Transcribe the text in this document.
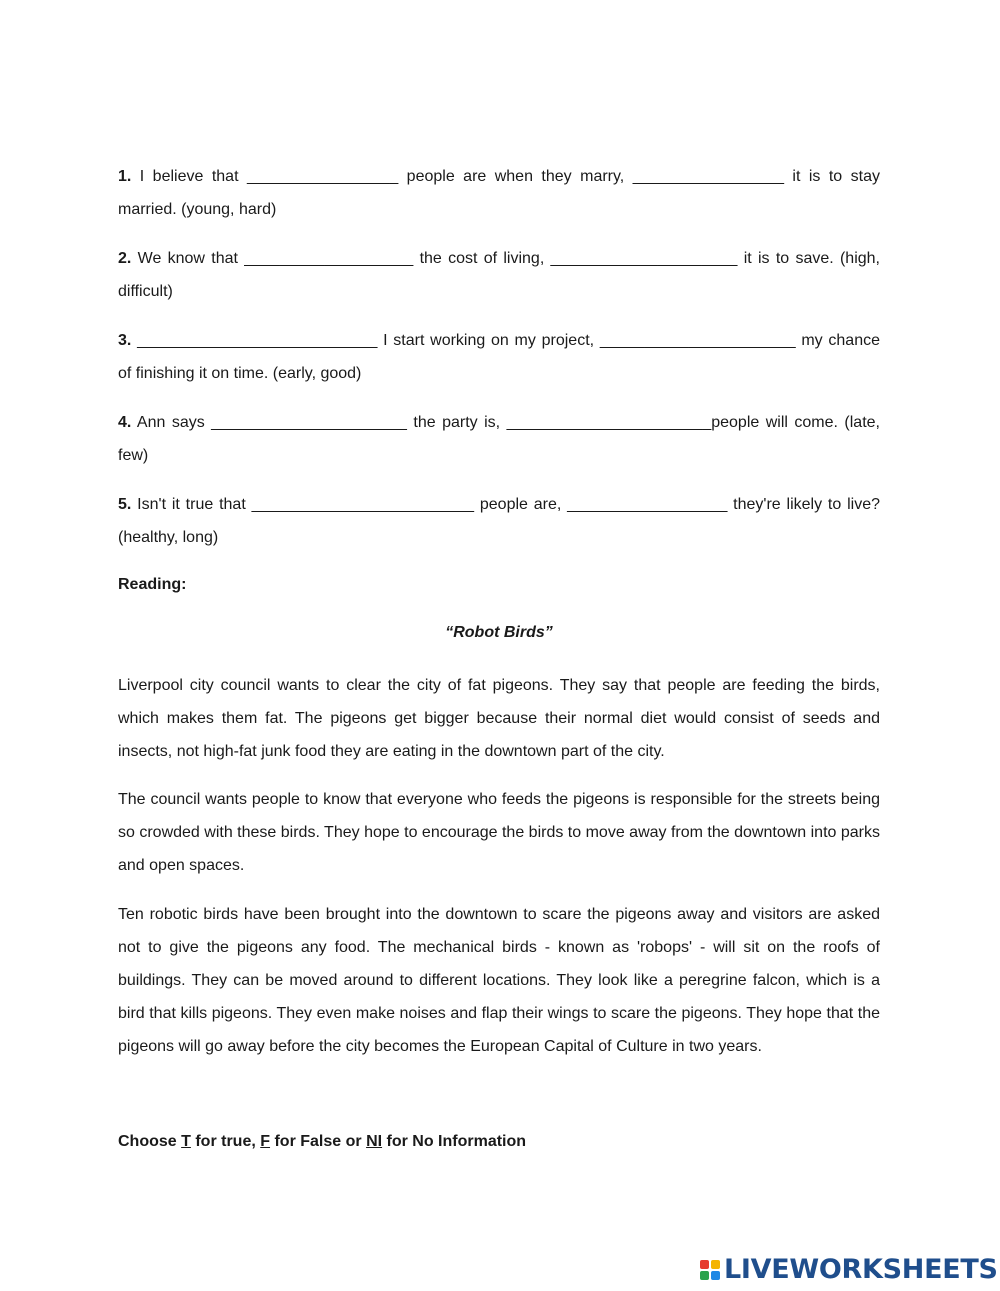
1. I believe that _________________ people are when they marry, _________________ it is to stay married. (young, hard)

2. We know that ___________________ the cost of living, _____________________ it is to save. (high, difficult)

3. ___________________________ I start working on my project, ______________________ my chance of finishing it on time. (early, good)

4. Ann says ______________________ the party is, _______________________people will come. (late, few)

5. Isn't it true that _________________________ people are, __________________ they're likely to live? (healthy, long)

Reading:

“Robot Birds”

Liverpool city council wants to clear the city of fat pigeons. They say that people are feeding the birds, which makes them fat. The pigeons get bigger because their normal diet would consist of seeds and insects, not high-fat junk food they are eating in the downtown part of the city.

The council wants people to know that everyone who feeds the pigeons is responsible for the streets being so crowded with these birds. They hope to encourage the birds to move away from the downtown into parks and open spaces.

Ten robotic birds have been brought into the downtown to scare the pigeons away and visitors are asked not to give the pigeons any food. The mechanical birds - known as 'robops' - will sit on the roofs of buildings. They can be moved around to different locations. They look like a peregrine falcon, which is a bird that kills pigeons. They even make noises and flap their wings to scare the pigeons. They hope that the pigeons will go away before the city becomes the European Capital of Culture in two years.

Choose T for true, F for False or NI for No Information

LIVEWORKSHEETS
